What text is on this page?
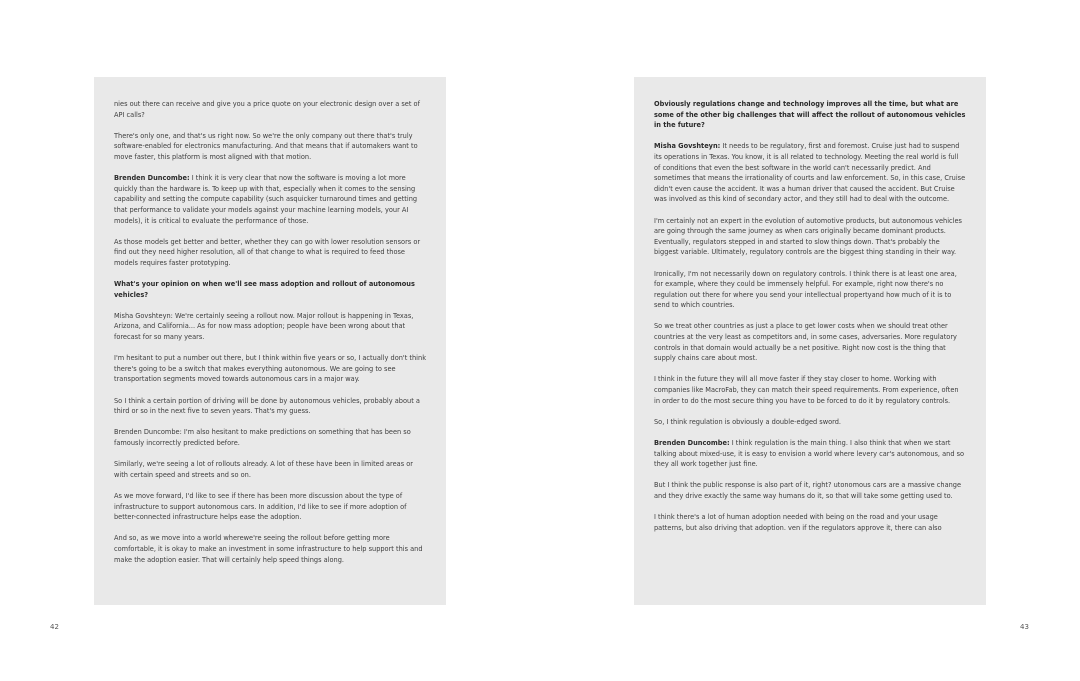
nies out there can receive and give you a price quote on your electronic design over a set of API calls?

There's only one, and that's us right now. So we're the only company out there that's truly software-enabled for electronics manufacturing. And that means that if automakers want to move faster, this platform is most aligned with that motion.

Brenden Duncombe: I think it is very clear that now the software is moving a lot more quickly than the hardware is. To keep up with that, especially when it comes to the sensing capability and setting the compute capability (such asquicker turnaround times and getting that performance to validate your models against your machine learning models, your AI models), it is critical to evaluate the performance of those.

As those models get better and better, whether they can go with lower resolution sensors or find out they need higher resolution, all of that change to what is required to feed those models requires faster prototyping.

What's your opinion on when we'll see mass adoption and rollout of autonomous vehicles?

Misha Govshteyn: We're certainly seeing a rollout now. Major rollout is happening in Texas, Arizona, and California... As for now mass adoption; people have been wrong about that forecast for so many years.

I'm hesitant to put a number out there, but I think within five years or so, I actually don't think there's going to be a switch that makes everything autonomous. We are going to see transportation segments moved towards autonomous cars in a major way.

So I think a certain portion of driving will be done by autonomous vehicles, probably about a third or so in the next five to seven years. That's my guess.

Brenden Duncombe: I'm also hesitant to make predictions on something that has been so famously incorrectly predicted before.

Similarly, we're seeing a lot of rollouts already. A lot of these have been in limited areas or with certain speed and streets and so on.

As we move forward, I'd like to see if there has been more discussion about the type of infrastructure to support autonomous cars. In addition, I'd like to see if more adoption of better-connected infrastructure helps ease the adoption.

And so, as we move into a world wherewe're seeing the rollout before getting more comfortable, it is okay to make an investment in some infrastructure to help support this and make the adoption easier. That will certainly help speed things along.

Obviously regulations change and technology improves all the time, but what are some of the other big challenges that will affect the rollout of autonomous vehicles in the future?

Misha Govshteyn: It needs to be regulatory, first and foremost. Cruise just had to suspend its operations in Texas. You know, it is all related to technology. Meeting the real world is full of conditions that even the best software in the world can't necessarily predict. And sometimes that means the irrationality of courts and law enforcement. So, in this case, Cruise didn't even cause the accident. It was a human driver that caused the accident. But Cruise was involved as this kind of secondary actor, and they still had to deal with the outcome.

I'm certainly not an expert in the evolution of automotive products, but autonomous vehicles are going through the same journey as when cars originally became dominant products. Eventually, regulators stepped in and started to slow things down. That's probably the biggest variable. Ultimately, regulatory controls are the biggest thing standing in their way.

Ironically, I'm not necessarily down on regulatory controls. I think there is at least one area, for example, where they could be immensely helpful. For example, right now there's no regulation out there for where you send your intellectual propertyand how much of it is to send to which countries.

So we treat other countries as just a place to get lower costs when we should treat other countries at the very least as competitors and, in some cases, adversaries. More regulatory controls in that domain would actually be a net positive. Right now cost is the thing that supply chains care about most.

I think in the future they will all move faster if they stay closer to home. Working with companies like MacroFab, they can match their speed requirements. From experience, often in order to do the most secure thing you have to be forced to do it by regulatory controls.

So, I think regulation is obviously a double-edged sword.

Brenden Duncombe: I think regulation is the main thing. I also think that when we start talking about mixed-use, it is easy to envision a world where levery car's autonomous, and so they all work together just fine.

But I think the public response is also part of it, right? utonomous cars are a massive change and they drive exactly the same way humans do it, so that will take some getting used to.

I think there's a lot of human adoption needed with being on the road and your usage patterns, but also driving that adoption. ven if the regulators approve it, there can also

42	43
